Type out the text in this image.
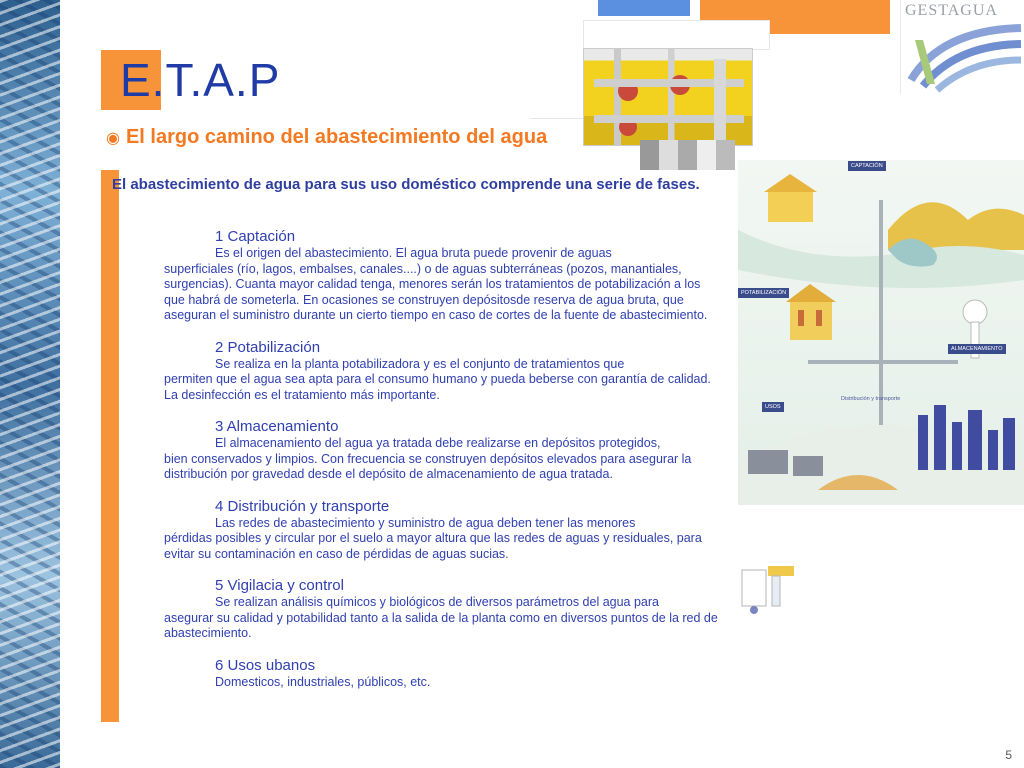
GESTAGUA
E.T.A.P
◉ El largo camino del abastecimiento del agua
El abastecimiento de agua para sus uso doméstico comprende una serie de fases.
1 Captación
Es el origen del abastecimiento. El agua bruta puede provenir de aguas
superficiales (río, lagos, embalses, canales....) o de aguas subterráneas (pozos, manantiales, surgencias). Cuanta mayor calidad tenga, menores serán los tratamientos de potabilización a los que habrá de someterla. En ocasiones se construyen depósitosde reserva de agua bruta, que aseguran el suministro durante un cierto tiempo en caso de cortes de la fuente de abastecimiento.
2 Potabilización
Se realiza en la planta potabilizadora y es el conjunto de tratamientos que
permiten que el agua sea apta para el consumo humano y pueda beberse con garantía de calidad. La desinfección es el tratamiento más importante.
3 Almacenamiento
El almacenamiento del agua ya tratada debe realizarse en depósitos protegidos,
bien conservados y limpios. Con frecuencia se construyen depósitos elevados para asegurar la distribución por gravedad desde el depósito de almacenamiento de agua tratada.
4 Distribución y transporte
Las redes de abastecimiento y suministro de agua deben tener las menores
pérdidas posibles y circular por el suelo a mayor altura que las redes de aguas y residuales, para evitar su contaminación en caso de pérdidas de aguas sucias.
5 Vigilacia y control
Se realizan análisis químicos y biológicos de diversos parámetros del agua para
asegurar su calidad y potabilidad tanto a la salida de la planta como en diversos puntos de la red de abastecimiento.
6 Usos ubanos
Domesticos, industriales, públicos, etc.
CAPTACIÓN
POTABILIZACIÓN
ALMACENAMIENTO
USOS
Distribución y transporte
5
